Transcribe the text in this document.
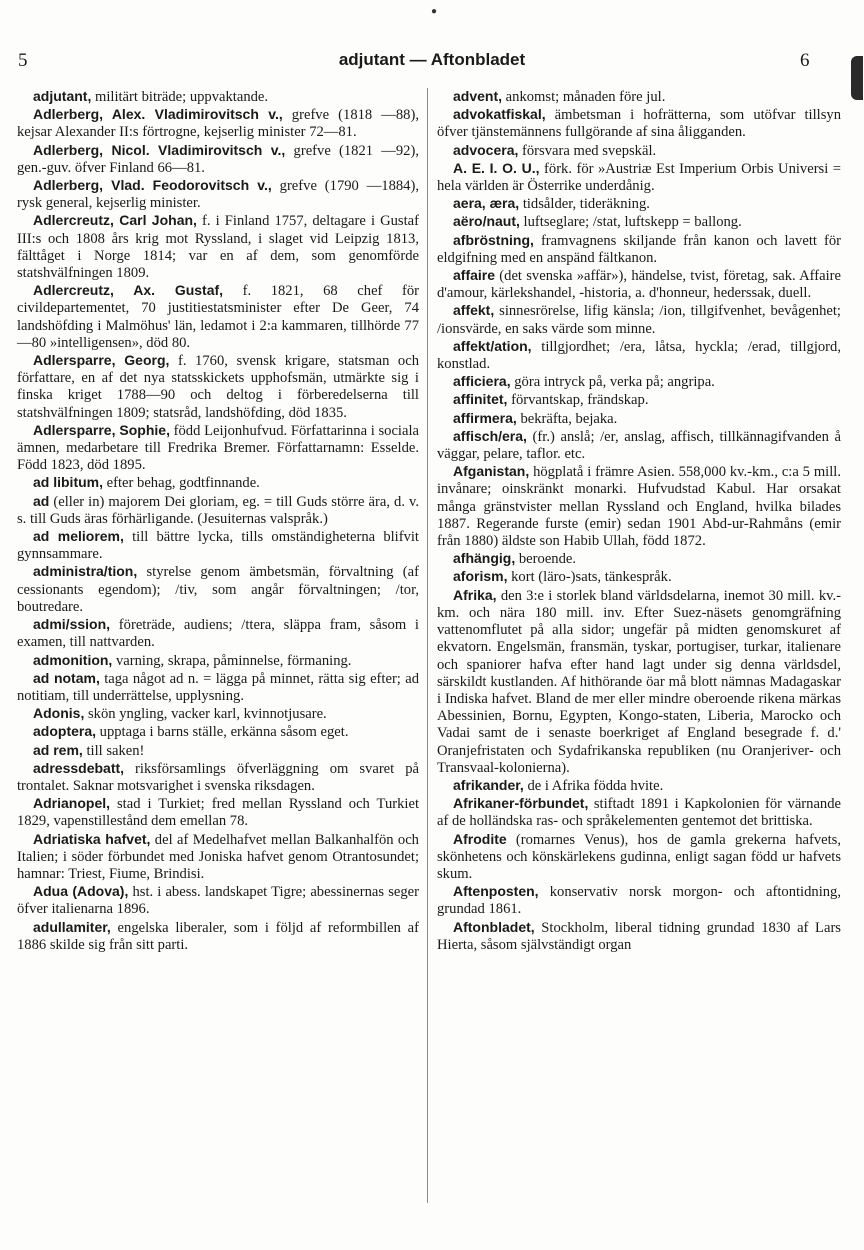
●
5	adjutant — Aftonbladet	6

adjutant, militärt biträde; uppvaktande.

Adlerberg, Alex. Vladimirovitsch v., grefve (1818 —88), kejsar Alexander II:s förtrogne, kejserlig minister 72—81.

Adlerberg, Nicol. Vladimirovitsch v., grefve (1821 —92), gen.-guv. öfver Finland 66—81.

Adlerberg, Vlad. Feodorovitsch v., grefve (1790 —1884), rysk general, kejserlig minister.

Adlercreutz, Carl Johan, f. i Finland 1757, deltagare i Gustaf III:s och 1808 års krig mot Ryssland, i slaget vid Leipzig 1813, fälttåget i Norge 1814; var en af dem, som genomförde statshvälfningen 1809.

Adlercreutz, Ax. Gustaf, f. 1821, 68 chef för civildepartementet, 70 justitiestatsminister efter De Geer, 74 landshöfding i Malmöhus' län, ledamot i 2:a kammaren, tillhörde 77—80 »intelligensen», död 80.

Adlersparre, Georg, f. 1760, svensk krigare, statsman och författare, en af det nya statsskickets upphofsmän, utmärkte sig i finska kriget 1788—90 och deltog i förberedelserna till statshvälfningen 1809; statsråd, landshöfding, död 1835.

Adlersparre, Sophie, född Leijonhufvud. Författarinna i sociala ämnen, medarbetare till Fredrika Bremer. Författarnamn: Esselde. Född 1823, död 1895.

ad libitum, efter behag, godtfinnande.

ad (eller in) majorem Dei gloriam, eg. = till Guds större ära, d. v. s. till Guds äras förhärligande. (Jesuiternas valspråk.)

ad meliorem, till bättre lycka, tills omständigheterna blifvit gynnsammare.

administra/tion, styrelse genom ämbetsmän, förvaltning (af cessionants egendom); /tiv, som angår förvaltningen; /tor, boutredare.

admi/ssion, företräde, audiens; /ttera, släppa fram, såsom i examen, till nattvarden.

admonition, varning, skrapa, påminnelse, förmaning.

ad notam, taga något ad n. = lägga på minnet, rätta sig efter; ad notitiam, till underrättelse, upplysning.

Adonis, skön yngling, vacker karl, kvinnotjusare.

adoptera, upptaga i barns ställe, erkänna såsom eget.

ad rem, till saken!

adressdebatt, riksförsamlings öfverläggning om svaret på trontalet. Saknar motsvarighet i svenska riksdagen.

Adrianopel, stad i Turkiet; fred mellan Ryssland och Turkiet 1829, vapenstillestånd dem emellan 78.

Adriatiska hafvet, del af Medelhafvet mellan Balkanhalfön och Italien; i söder förbundet med Joniska hafvet genom Otrantosundet; hamnar: Triest, Fiume, Brindisi.

Adua (Adova), hst. i abess. landskapet Tigre; abessinernas seger öfver italienarna 1896.

adullamiter, engelska liberaler, som i följd af reformbillen af 1886 skilde sig från sitt parti.

advent, ankomst; månaden före jul.

advokatfiskal, ämbetsman i hofrätterna, som utöfvar tillsyn öfver tjänstemännens fullgörande af sina åligganden.

advocera, försvara med svepskäl.

A. E. I. O. U., förk. för »Austriæ Est Imperium Orbis Universi = hela världen är Österrike underdånig.

aera, æra, tidsålder, tideräkning.

aëro/naut, luftseglare; /stat, luftskepp = ballong.

afbröstning, framvagnens skiljande från kanon och lavett för eldgifning med en anspänd fältkanon.

affaire (det svenska »affär»), händelse, tvist, företag, sak. Affaire d'amour, kärlekshandel, -historia, a. d'honneur, hederssak, duell.

affekt, sinnesrörelse, lifig känsla; /ion, tillgifvenhet, bevågenhet; /ionsvärde, en saks värde som minne.

affekt/ation, tillgjordhet; /era, låtsa, hyckla; /erad, tillgjord, konstlad.

afficiera, göra intryck på, verka på; angripa.

affinitet, förvantskap, frändskap.

affirmera, bekräfta, bejaka.

affisch/era, (fr.) anslå; /er, anslag, affisch, tillkännagifvanden å väggar, pelare, taflor. etc.

Afganistan, högplatå i främre Asien. 558,000 kv.-km., c:a 5 mill. invånare; oinskränkt monarki. Hufvudstad Kabul. Har orsakat många gränstvister mellan Ryssland och England, hvilka bilades 1887. Regerande furste (emir) sedan 1901 Abd-ur-Rahmåns (emir från 1880) äldste son Habib Ullah, född 1872.

afhängig, beroende.

aforism, kort (läro-)sats, tänkespråk.

Afrika, den 3:e i storlek bland världsdelarna, inemot 30 mill. kv.-km. och nära 180 mill. inv. Efter Suez-näsets genomgräfning vattenomflutet på alla sidor; ungefär på midten genomskuret af ekvatorn. Engelsmän, fransmän, tyskar, portugiser, turkar, italienare och spaniorer hafva efter hand lagt under sig denna världsdel, särskildt kustlanden. Af hithörande öar må blott nämnas Madagaskar i Indiska hafvet. Bland de mer eller mindre oberoende rikena märkas Abessinien, Bornu, Egypten, Kongo-staten, Liberia, Marocko och Vadai samt de i senaste boerkriget af England besegrade f. d.' Oranjefristaten och Sydafrikanska republiken (nu Oranjeriver- och Transvaal-kolonierna).

afrikander, de i Afrika födda hvite.

Afrikaner-förbundet, stiftadt 1891 i Kapkolonien för värnande af de holländska ras- och språkelementen gentemot det brittiska.

Afrodite (romarnes Venus), hos de gamla grekerna hafvets, skönhetens och könskärlekens gudinna, enligt sagan född ur hafvets skum.

Aftenposten, konservativ norsk morgon- och aftontidning, grundad 1861.

Aftonbladet, Stockholm, liberal tidning grundad 1830 af Lars Hierta, såsom självständigt organ
